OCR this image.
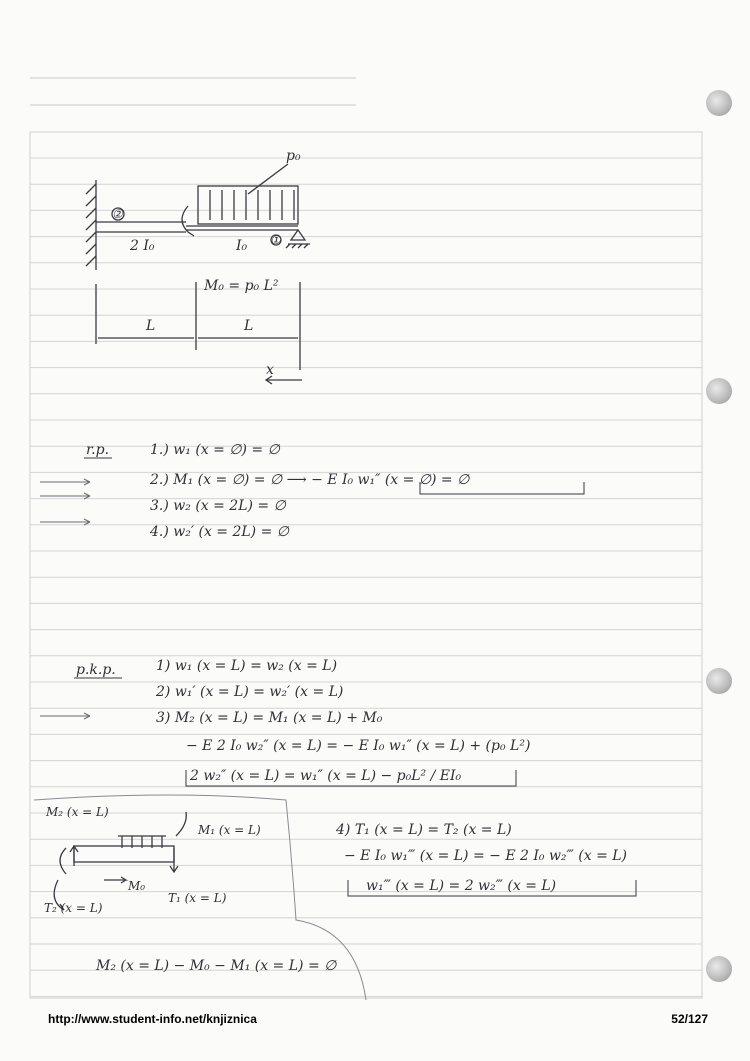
p₀
②
①
2 I₀	I₀
M₀ = p₀ L²
L	L
x
r.p.	1.) w₁ (x = ∅) = ∅
2.) M₁ (x = ∅) = ∅ ⟶ − E I₀ w₁″ (x = ∅) = ∅
3.) w₂ (x = 2L) = ∅
4.) w₂′ (x = 2L) = ∅
p.k.p.	1) w₁ (x = L) = w₂ (x = L)
2) w₁′ (x = L) = w₂′ (x = L)
3) M₂ (x = L) = M₁ (x = L) + M₀
− E 2 I₀ w₂″ (x = L) = − E I₀ w₁″ (x = L) + (p₀ L²)
2 w₂″ (x = L) = w₁″ (x = L) − p₀L² / EI₀
4) T₁ (x = L) = T₂ (x = L)
− E I₀ w₁‴ (x = L) = − E 2 I₀ w₂‴ (x = L)
w₁‴ (x = L) = 2 w₂‴ (x = L)
M₂ (x = L)
M₁ (x = L)
M₀
T₂ (x = L)
T₁ (x = L)
M₂ (x = L) − M₀ − M₁ (x = L) = ∅
http://www.student-info.net/knjiznica	52/127
